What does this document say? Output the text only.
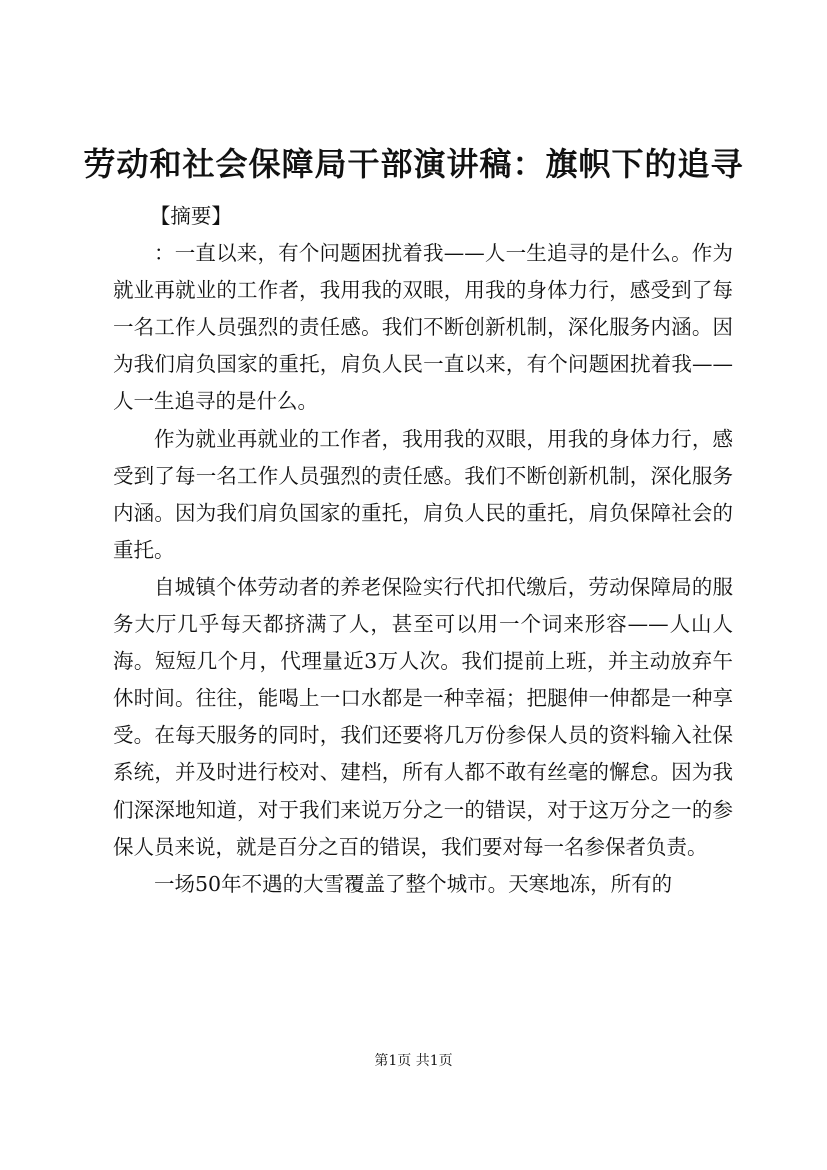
劳动和社会保障局干部演讲稿：旗帜下的追寻

【摘要】

：一直以来，有个问题困扰着我——人一生追寻的是什么。作为就业再就业的工作者，我用我的双眼，用我的身体力行，感受到了每一名工作人员强烈的责任感。我们不断创新机制，深化服务内涵。因为我们肩负国家的重托，肩负人民一直以来，有个问题困扰着我——人一生追寻的是什么。

作为就业再就业的工作者，我用我的双眼，用我的身体力行，感受到了每一名工作人员强烈的责任感。我们不断创新机制，深化服务内涵。因为我们肩负国家的重托，肩负人民的重托，肩负保障社会的重托。

自城镇个体劳动者的养老保险实行代扣代缴后，劳动保障局的服务大厅几乎每天都挤满了人，甚至可以用一个词来形容——人山人海。短短几个月，代理量近3万人次。我们提前上班，并主动放弃午休时间。往往，能喝上一口水都是一种幸福；把腿伸一伸都是一种享受。在每天服务的同时，我们还要将几万份参保人员的资料输入社保系统，并及时进行校对、建档，所有人都不敢有丝毫的懈怠。因为我们深深地知道，对于我们来说万分之一的错误，对于这万分之一的参保人员来说，就是百分之百的错误，我们要对每一名参保者负责。

一场50年不遇的大雪覆盖了整个城市。天寒地冻，所有的

第1页 共1页
